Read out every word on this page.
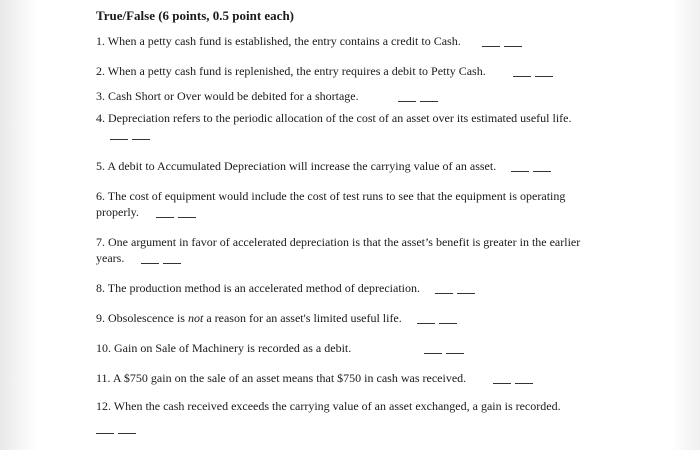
True/False (6 points, 0.5 point each)
1. When a petty cash fund is established, the entry contains a credit to Cash.
2. When a petty cash fund is replenished, the entry requires a debit to Petty Cash.
3. Cash Short or Over would be debited for a shortage.
4. Depreciation refers to the periodic allocation of the cost of an asset over its estimated useful life.
5. A debit to Accumulated Depreciation will increase the carrying value of an asset.
6. The cost of equipment would include the cost of test runs to see that the equipment is operating properly.
7. One argument in favor of accelerated depreciation is that the asset’s benefit is greater in the earlier years.
8. The production method is an accelerated method of depreciation.
9. Obsolescence is not a reason for an asset's limited useful life.
10. Gain on Sale of Machinery is recorded as a debit.
11. A $750 gain on the sale of an asset means that $750 in cash was received.
12. When the cash received exceeds the carrying value of an asset exchanged, a gain is recorded.
